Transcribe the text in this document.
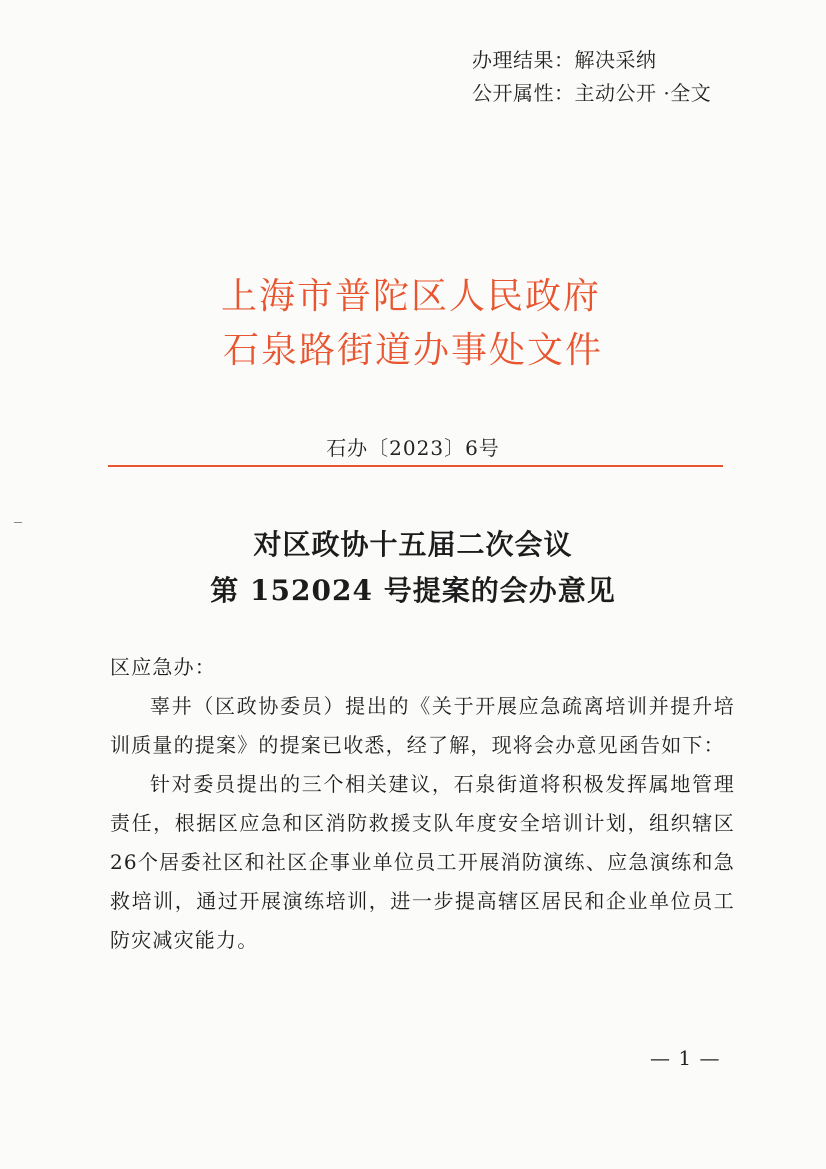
办理结果：解决采纳
公开属性：主动公开 ·全文
上海市普陀区人民政府
石泉路街道办事处文件
石办〔2023〕6号
对区政协十五届二次会议
第 152024 号提案的会办意见

区应急办：

辜井（区政协委员）提出的《关于开展应急疏离培训并提升培训质量的提案》的提案已收悉，经了解，现将会办意见函告如下：

针对委员提出的三个相关建议，石泉街道将积极发挥属地管理责任，根据区应急和区消防救援支队年度安全培训计划，组织辖区26个居委社区和社区企事业单位员工开展消防演练、应急演练和急救培训，通过开展演练培训，进一步提高辖区居民和企业单位员工防灾减灾能力。

— 1 —
